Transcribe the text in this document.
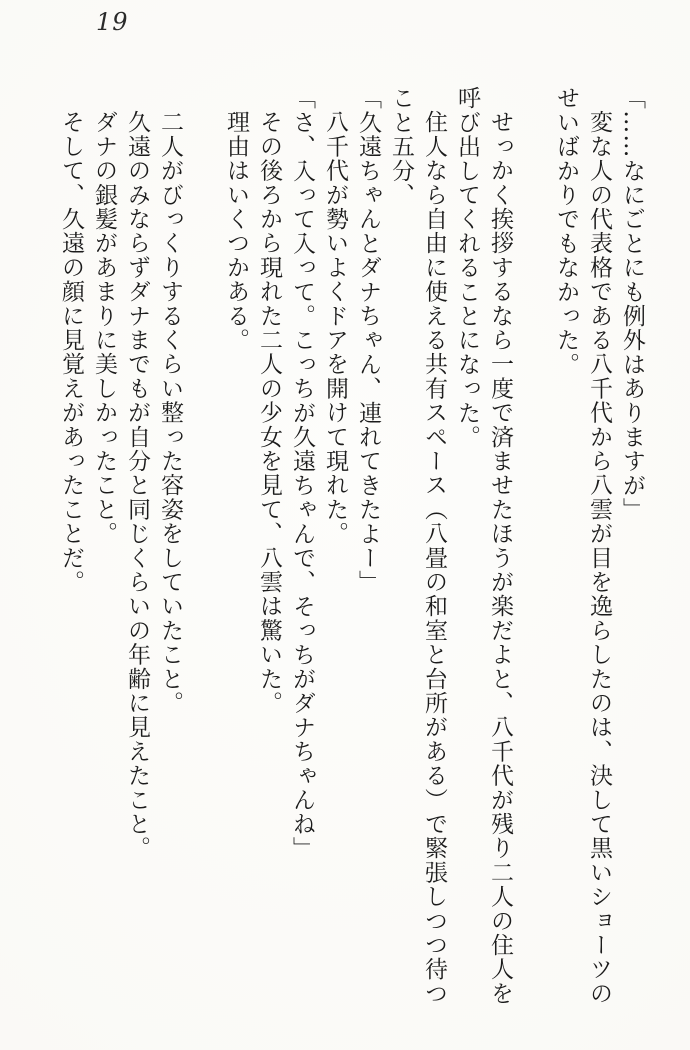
19

「……なにごとにも例外はありますが」

変な人の代表格である八千代から八雲が目を逸らしたのは、決して黒いショーツの

せいばかりでもなかった。

せっかく挨拶するなら一度で済ませたほうが楽だよと、八千代が残り二人の住人を

呼び出してくれることになった。

住人なら自由に使える共有スペース（八畳の和室と台所がある）で緊張しつつ待つ

こと五分、

「久遠ちゃんとダナちゃん、連れてきたよー」

八千代が勢いよくドアを開けて現れた。

「さ、入って入って。こっちが久遠ちゃんで、そっちがダナちゃんね」

その後ろから現れた二人の少女を見て、八雲は驚いた。

理由はいくつかある。

二人がびっくりするくらい整った容姿をしていたこと。

久遠のみならずダナまでもが自分と同じくらいの年齢に見えたこと。

ダナの銀髪があまりに美しかったこと。

そして、久遠の顔に見覚えがあったことだ。
